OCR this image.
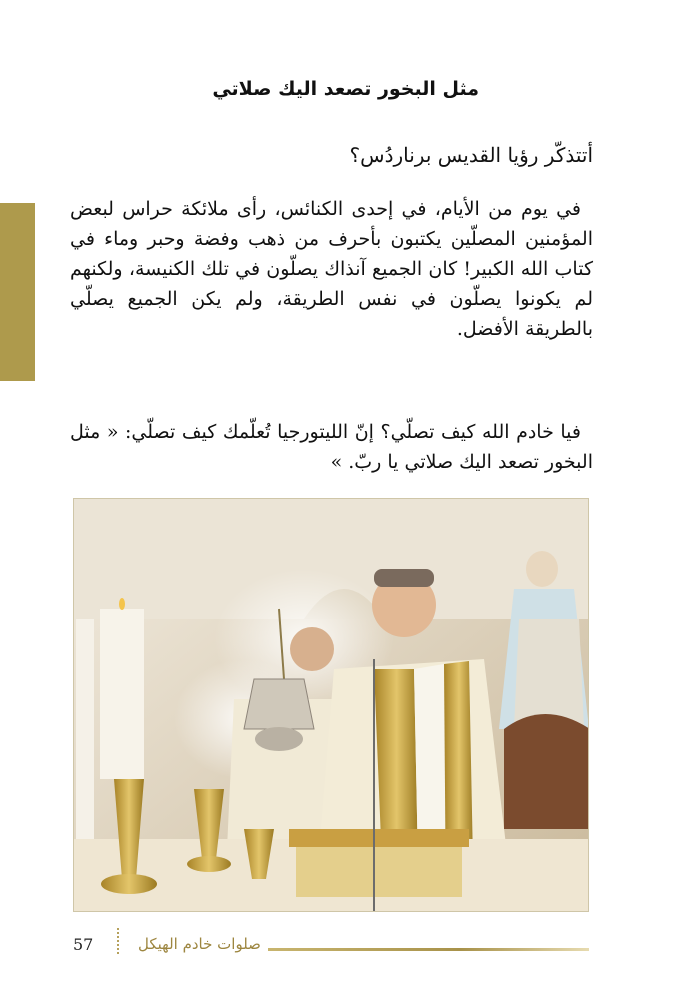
مثل البخور تصعد اليك صلاتي

أتتذكّر رؤيا القديس برناردُس؟

في يوم من الأيام، في إحدى الكنائس، رأى ملائكة حراس لبعض المؤمنين المصلّين يكتبون بأحرف من ذهب وفضة وحبر وماء في كتاب الله الكبير! كان الجميع آنذاك يصلّون في تلك الكنيسة، ولكنهم لم يكونوا يصلّون في نفس الطريقة، ولم يكن الجميع يصلّي بالطريقة الأفضل.

فيا خادم الله كيف تصلّي؟ إنّ الليتورجيا تُعلّمك كيف تصلّي: « مثل البخور تصعد اليك صلاتي يا ربّ. »

57	صلوات خادم الهيكل
